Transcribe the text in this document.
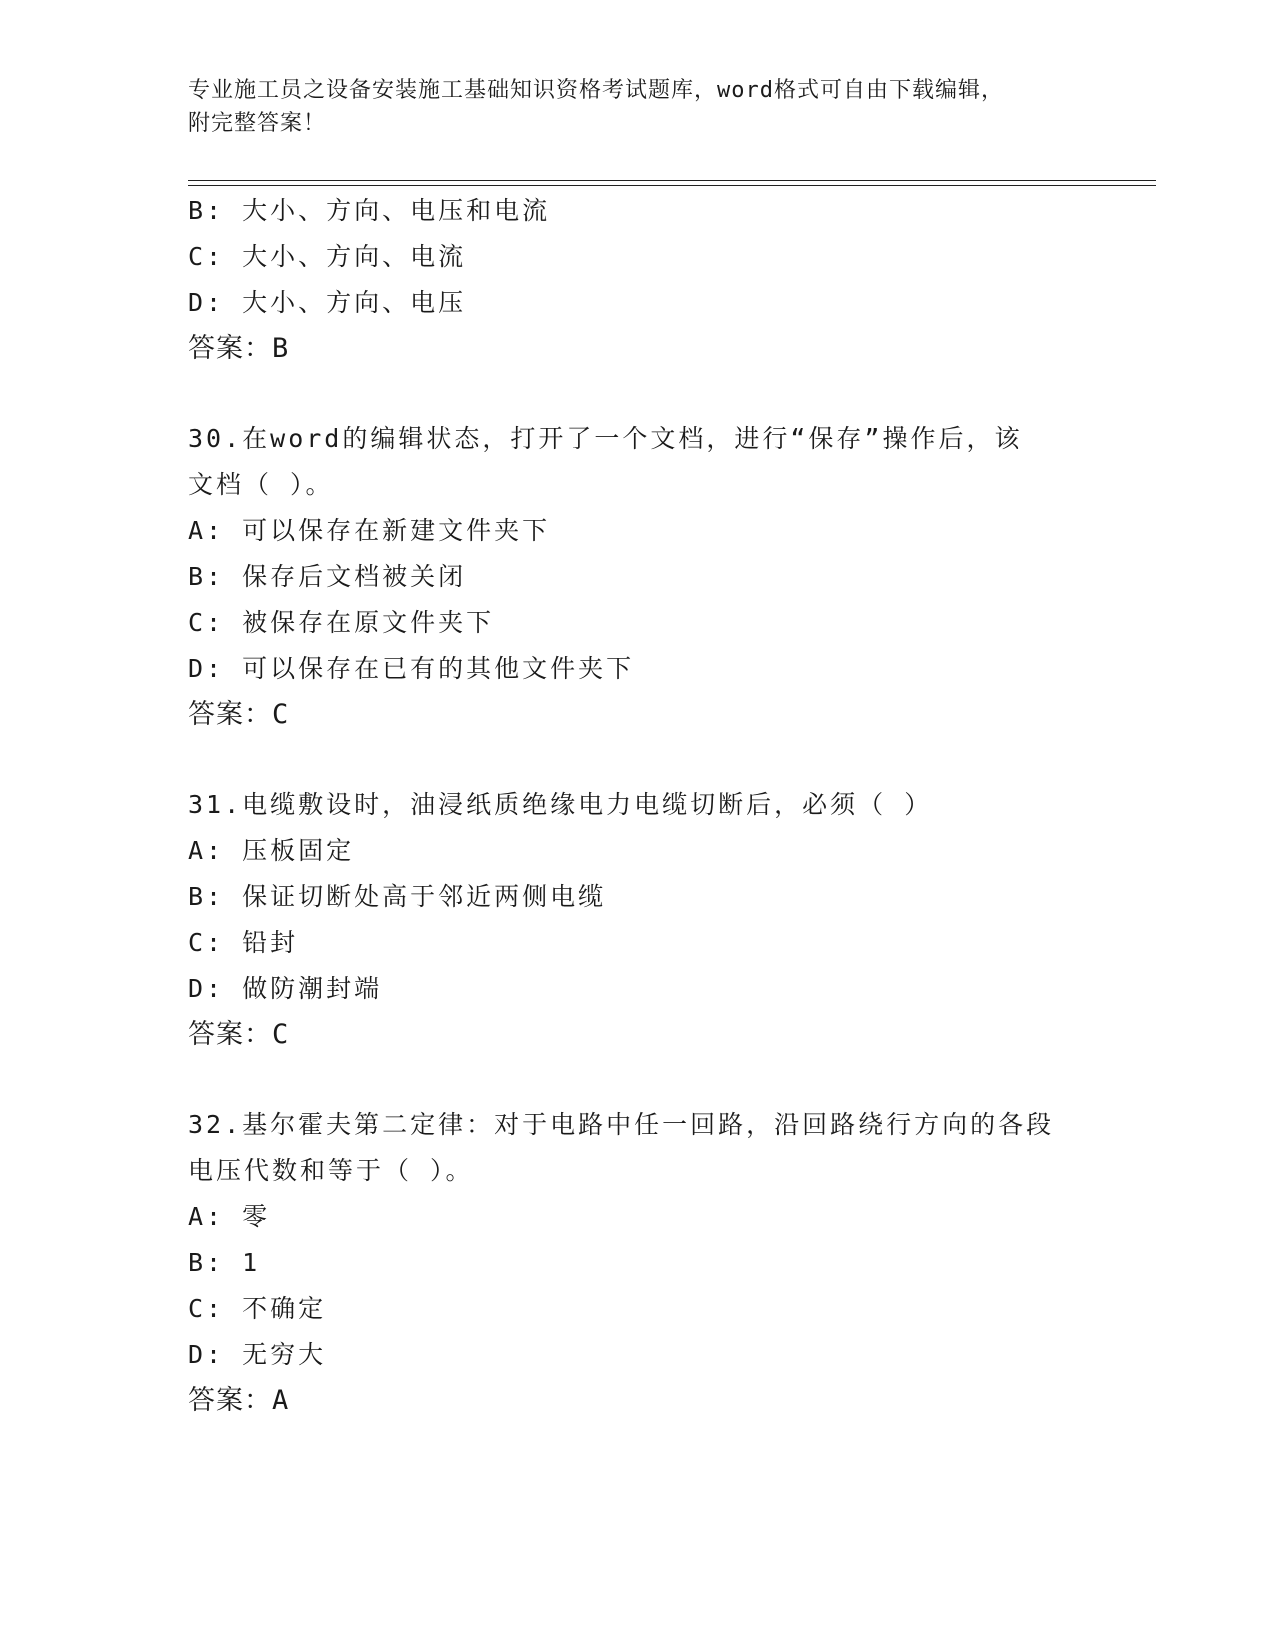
专业施工员之设备安装施工基础知识资格考试题库，word格式可自由下载编辑，
附完整答案！
B: 大小、方向、电压和电流
C: 大小、方向、电流
D: 大小、方向、电压
答案：B
30.在word的编辑状态，打开了一个文档，进行“保存”操作后，该
文档（ ）。
A: 可以保存在新建文件夹下
B: 保存后文档被关闭
C: 被保存在原文件夹下
D: 可以保存在已有的其他文件夹下
答案：C
31.电缆敷设时，油浸纸质绝缘电力电缆切断后，必须（ ）
A: 压板固定
B: 保证切断处高于邻近两侧电缆
C: 铅封
D: 做防潮封端
答案：C
32.基尔霍夫第二定律：对于电路中任一回路，沿回路绕行方向的各段
电压代数和等于（ ）。
A: 零
B: 1
C: 不确定
D: 无穷大
答案：A
